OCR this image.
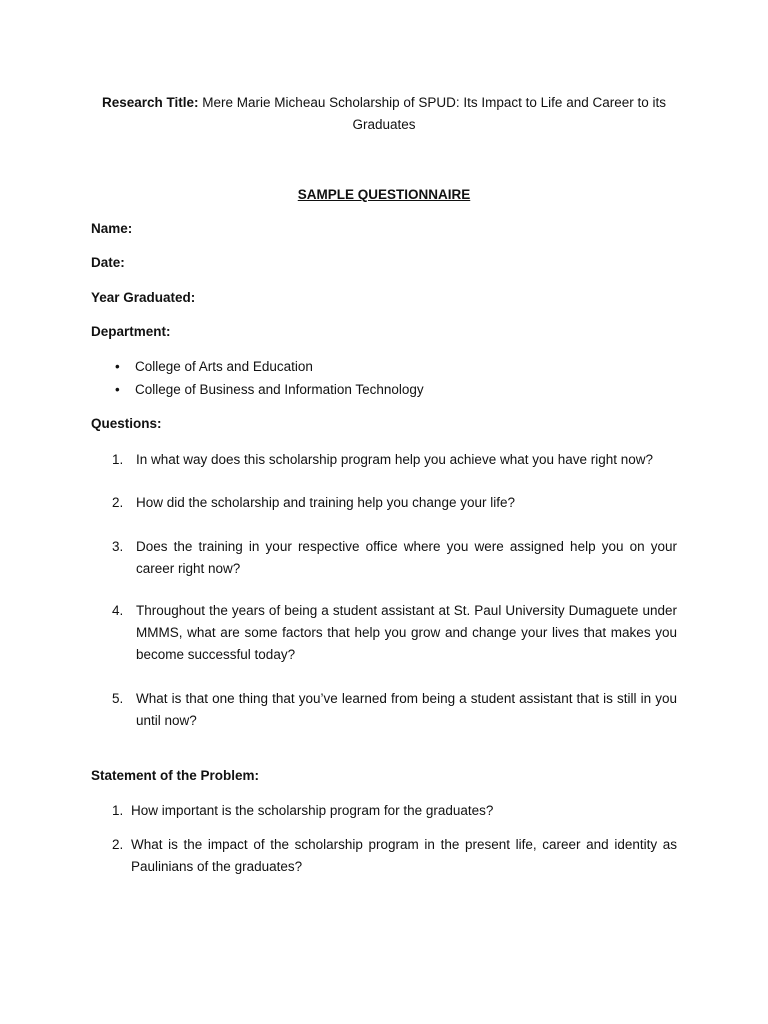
Research Title: Mere Marie Micheau Scholarship of SPUD: Its Impact to Life and Career to its Graduates
SAMPLE QUESTIONNAIRE
Name:
Date:
Year Graduated:
Department:
• College of Arts and Education
• College of Business and Information Technology
Questions:
1. In what way does this scholarship program help you achieve what you have right now?
2. How did the scholarship and training help you change your life?
3. Does the training in your respective office where you were assigned help you on your career right now?
4. Throughout the years of being a student assistant at St. Paul University Dumaguete under MMMS, what are some factors that help you grow and change your lives that makes you become successful today?
5. What is that one thing that you’ve learned from being a student assistant that is still in you until now?
Statement of the Problem:
1. How important is the scholarship program for the graduates?
2. What is the impact of the scholarship program in the present life, career and identity as Paulinians of the graduates?
